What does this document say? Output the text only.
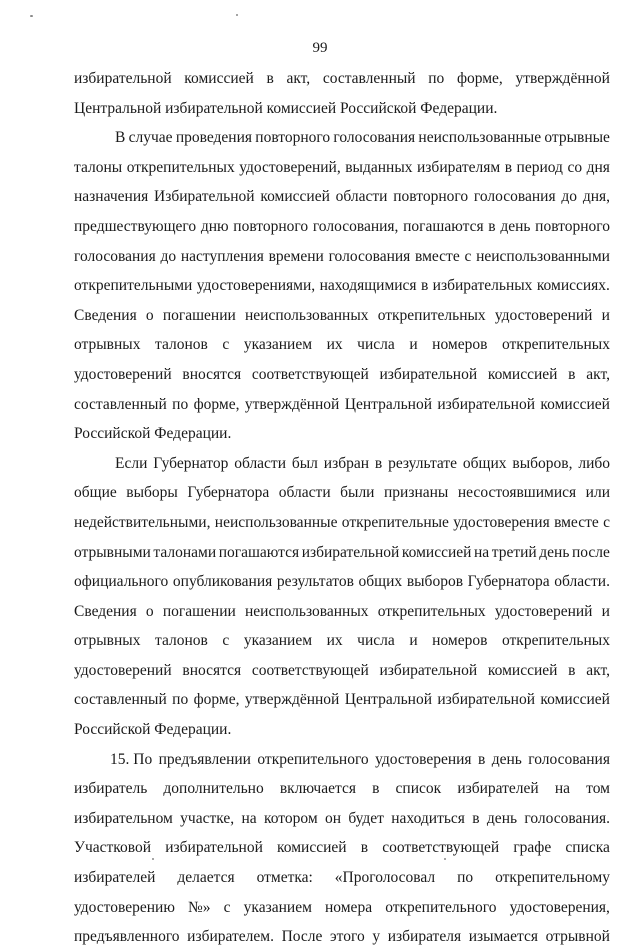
99
избирательной комиссией в акт, составленный по форме, утверждённой
Центральной избирательной комиссией Российской Федерации.
В случае проведения повторного голосования неиспользованные отрывные
талоны открепительных удостоверений, выданных избирателям в период со дня
назначения Избирательной комиссией области повторного голосования до дня,
предшествующего дню повторного голосования, погашаются в день повторного
голосования до наступления времени голосования вместе с неиспользованными
открепительными удостоверениями, находящимися в избирательных комиссиях.
Сведения о погашении неиспользованных открепительных удостоверений и
отрывных талонов с указанием их числа и номеров открепительных
удостоверений вносятся соответствующей избирательной комиссией в акт,
составленный по форме, утверждённой Центральной избирательной комиссией
Российской Федерации.
Если Губернатор области был избран в результате общих выборов, либо
общие выборы Губернатора области были признаны несостоявшимися или
недействительными, неиспользованные открепительные удостоверения вместе с
отрывными талонами погашаются избирательной комиссией на третий день после
официального опубликования результатов общих выборов Губернатора области.
Сведения о погашении неиспользованных открепительных удостоверений и
отрывных талонов с указанием их числа и номеров открепительных
удостоверений вносятся соответствующей избирательной комиссией в акт,
составленный по форме, утверждённой Центральной избирательной комиссией
Российской Федерации.
15. По предъявлении открепительного удостоверения в день голосования
избиратель дополнительно включается в список избирателей на том
избирательном участке, на котором он будет находиться в день голосования.
Участковой избирательной комиссией в соответствующей графе списка
избирателей делается отметка: «Проголосовал по открепительному
удостоверению №» с указанием номера открепительного удостоверения,
предъявленного избирателем. После этого у избирателя изымается отрывной
